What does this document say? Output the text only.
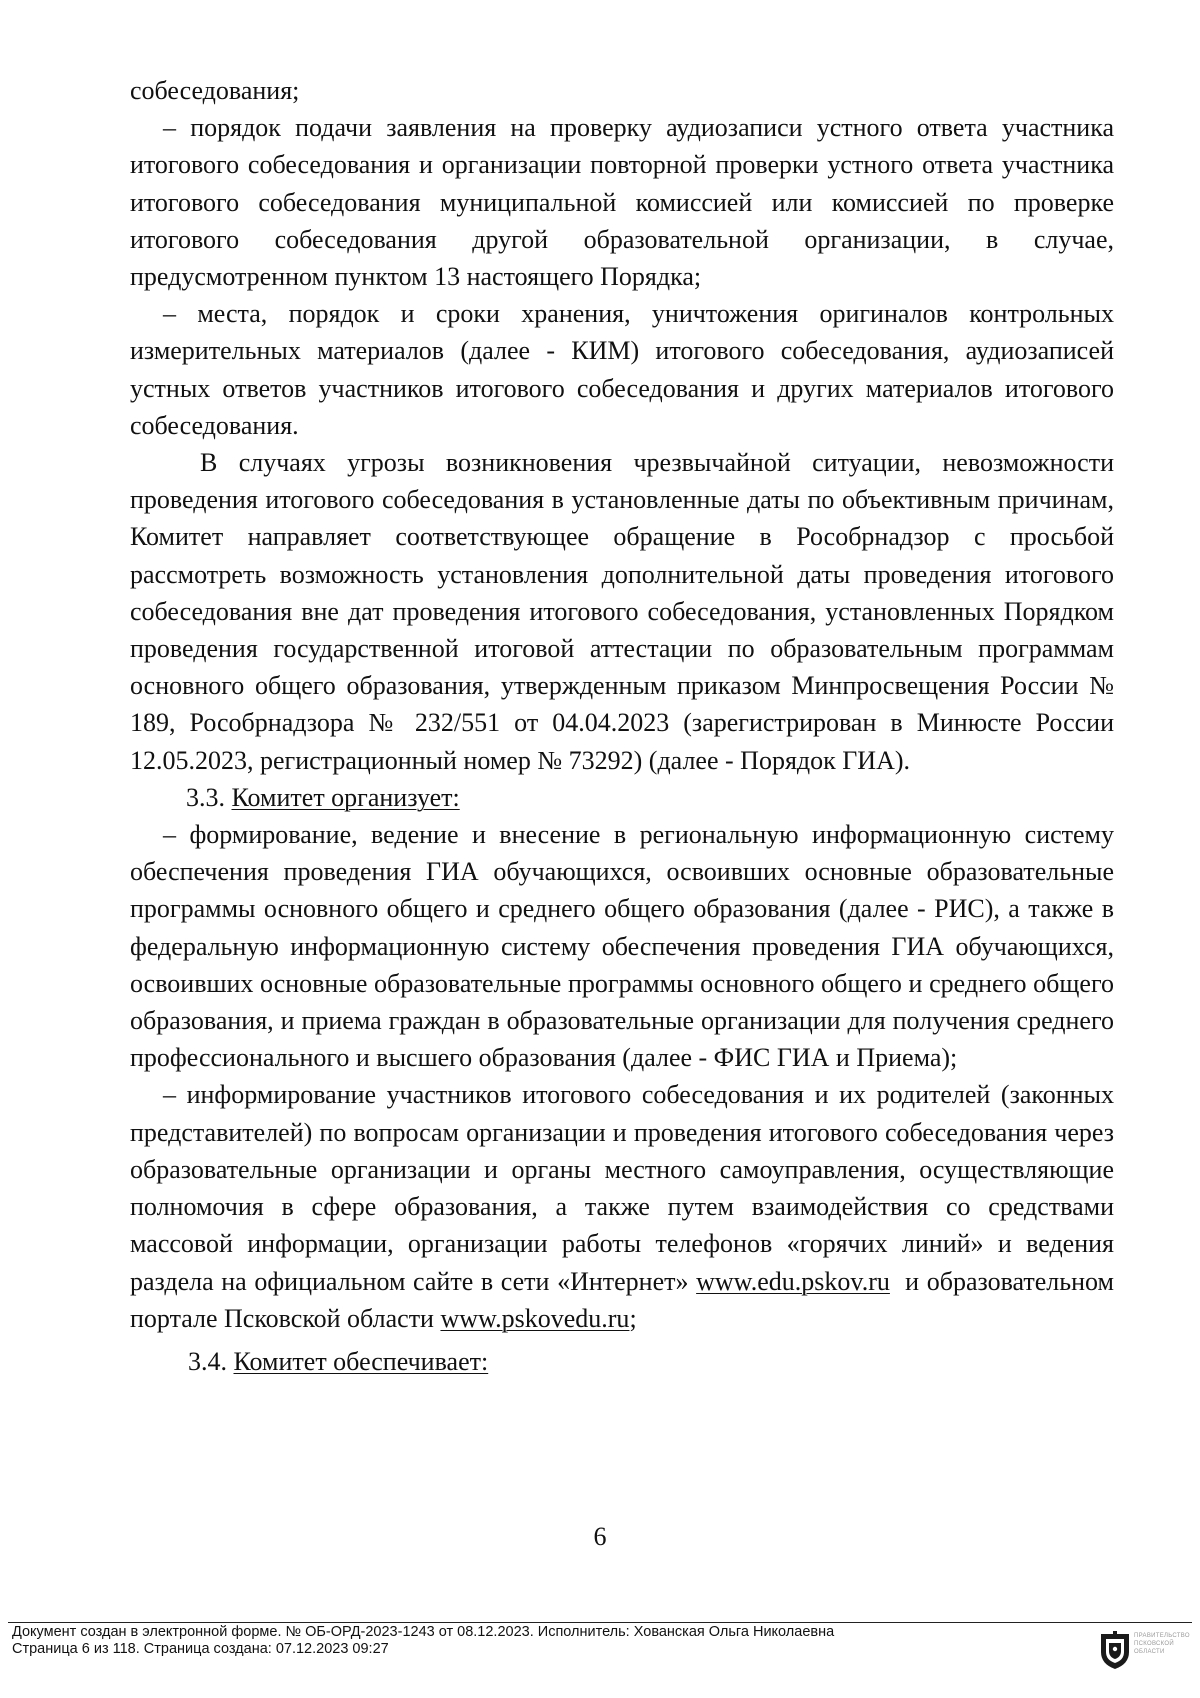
собеседования;

– порядок подачи заявления на проверку аудиозаписи устного ответа участника итогового собеседования и организации повторной проверки устного ответа участника итогового собеседования муниципальной комиссией или комиссией по проверке итогового собеседования другой образовательной организации, в случае, предусмотренном пунктом 13 настоящего Порядка;

– места, порядок и сроки хранения, уничтожения оригиналов контрольных измерительных материалов (далее - КИМ) итогового собеседования, аудиозаписей устных ответов участников итогового собеседования и других материалов итогового собеседования.

В случаях угрозы возникновения чрезвычайной ситуации, невозможности проведения итогового собеседования в установленные даты по объективным причинам, Комитет направляет соответствующее обращение в Рособрнадзор с просьбой рассмотреть возможность установления дополнительной даты проведения итогового собеседования вне дат проведения итогового собеседования, установленных Порядком проведения государственной итоговой аттестации по образовательным программам основного общего образования, утвержденным приказом Минпросвещения России № 189, Рособрнадзора № 232/551 от 04.04.2023 (зарегистрирован в Минюсте России 12.05.2023, регистрационный номер № 73292) (далее - Порядок ГИА).

3.3. Комитет организует:

– формирование, ведение и внесение в региональную информационную систему обеспечения проведения ГИА обучающихся, освоивших основные образовательные программы основного общего и среднего общего образования (далее - РИС), а также в федеральную информационную систему обеспечения проведения ГИА обучающихся, освоивших основные образовательные программы основного общего и среднего общего образования, и приема граждан в образовательные организации для получения среднего профессионального и высшего образования (далее - ФИС ГИА и Приема);

– информирование участников итогового собеседования и их родителей (законных представителей) по вопросам организации и проведения итогового собеседования через образовательные организации и органы местного самоуправления, осуществляющие полномочия в сфере образования, а также путем взаимодействия со средствами массовой информации, организации работы телефонов «горячих линий» и ведения раздела на официальном сайте в сети «Интернет» www.edu.pskov.ru и образовательном портале Псковской области www.pskovedu.ru;

3.4. Комитет обеспечивает:

6
Документ создан в электронной форме. № ОБ-ОРД-2023-1243 от 08.12.2023. Исполнитель: Хованская Ольга Николаевна
Страница 6 из 118. Страница создана: 07.12.2023 09:27
ПРАВИТЕЛЬСТВО ПСКОВСКОЙ ОБЛАСТИ
